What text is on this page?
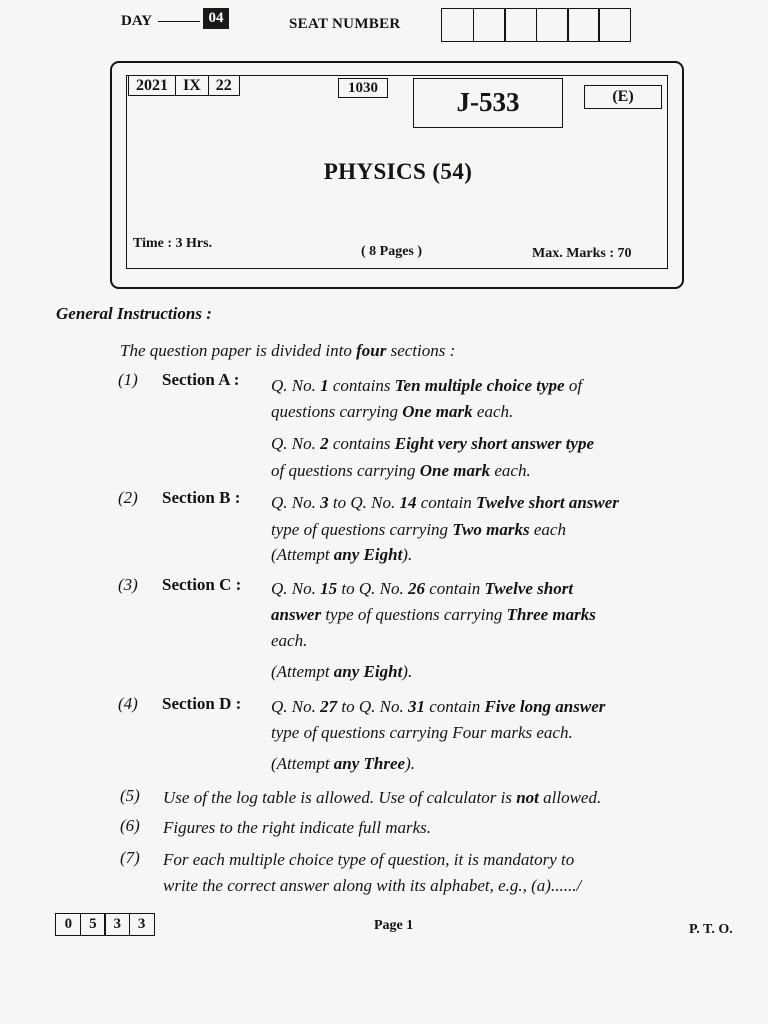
DAY	04	SEAT NUMBER
2021 IX 22	1030	J-533	(E)
PHYSICS (54)
Time : 3 Hrs.
( 8 Pages )	Max. Marks : 70
General Instructions :
The question paper is divided into four sections :
(1) Section A : Q. No. 1 contains Ten multiple choice type of
questions carrying One mark each.
Q. No. 2 contains Eight very short answer type
of questions carrying One mark each.
(2) Section B : Q. No. 3 to Q. No. 14 contain Twelve short answer
type of questions carrying Two marks each
(Attempt any Eight).
(3) Section C : Q. No. 15 to Q. No. 26 contain Twelve short
answer type of questions carrying Three marks
each.
(Attempt any Eight).
(4) Section D : Q. No. 27 to Q. No. 31 contain Five long answer
type of questions carrying Four marks each.
(Attempt any Three).
(5) Use of the log table is allowed. Use of calculator is not allowed.
(6) Figures to the right indicate full marks.
(7) For each multiple choice type of question, it is mandatory to
write the correct answer along with its alphabet, e.g., (a)....../
0	5	3	3	Page 1	P. T. O.
